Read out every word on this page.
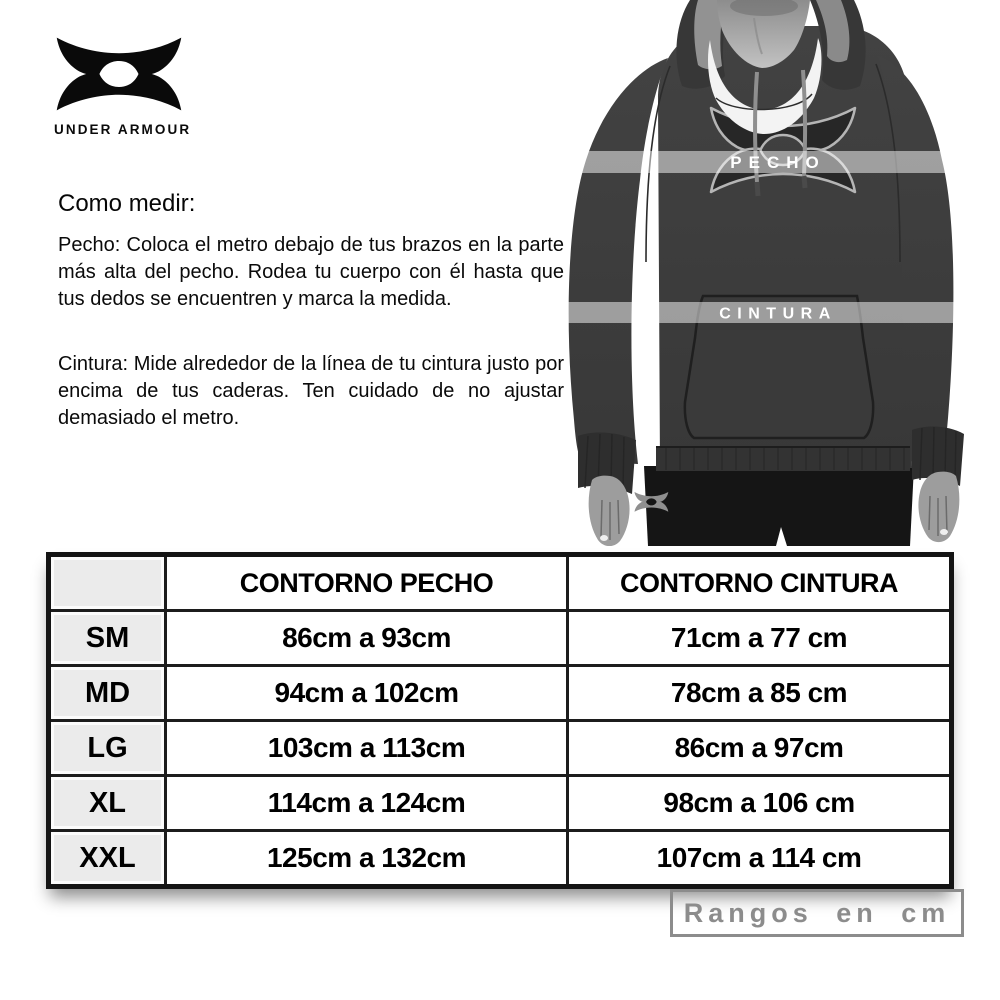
UNDER ARMOUR
Como medir:

Pecho: Coloca el metro debajo de tus brazos en la parte más alta del pecho. Rodea tu cuerpo con él hasta que tus dedos se encuentren y marca la medida.

Cintura: Mide alrededor de la línea de tu cintura justo por encima de tus caderas. Ten cuidado de no ajustar demasiado el metro.

PECHO
CINTURA
	CONTORNO PECHO	CONTORNO CINTURA
SM	86cm a 93cm	71cm a 77 cm
MD	94cm a 102cm	78cm a 85 cm
LG	103cm a 113cm	86cm a 97cm
XL	114cm a 124cm	98cm a 106 cm
XXL	125cm a 132cm	107cm a 114 cm
Rangos en cm
